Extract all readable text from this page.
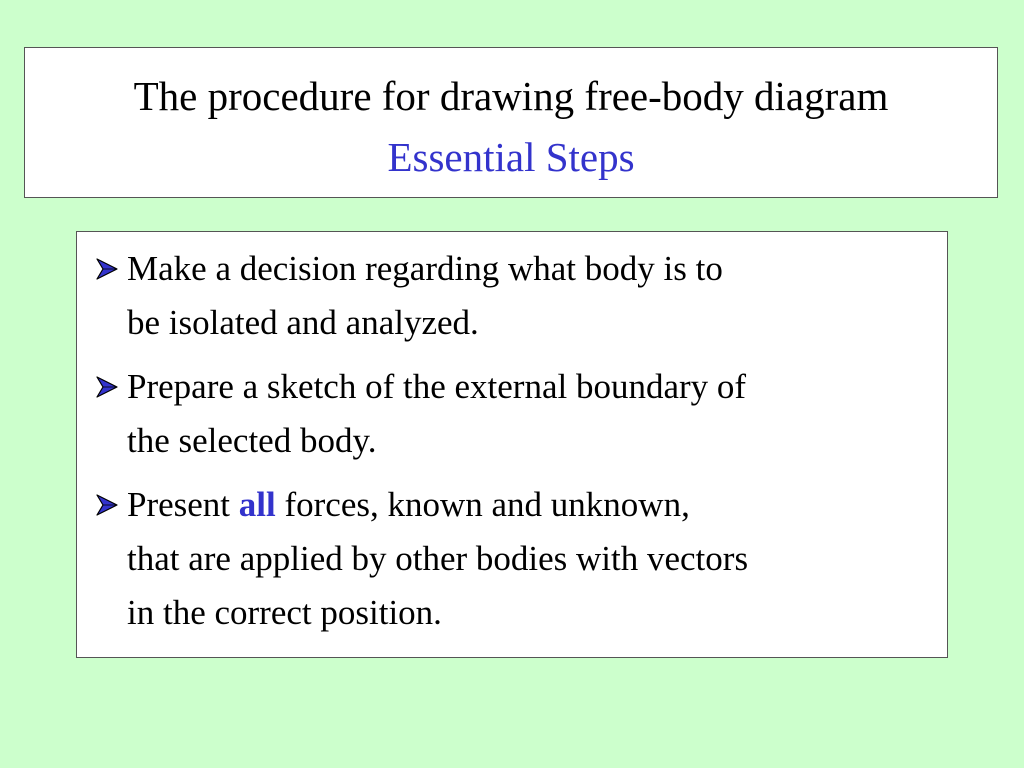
The procedure for drawing free-body diagram
Essential Steps
Make a decision regarding what body is to
be isolated and analyzed.
Prepare a sketch of the external boundary of
the selected body.
Present all forces, known and unknown,
that are applied by other bodies with vectors
in the correct position.
